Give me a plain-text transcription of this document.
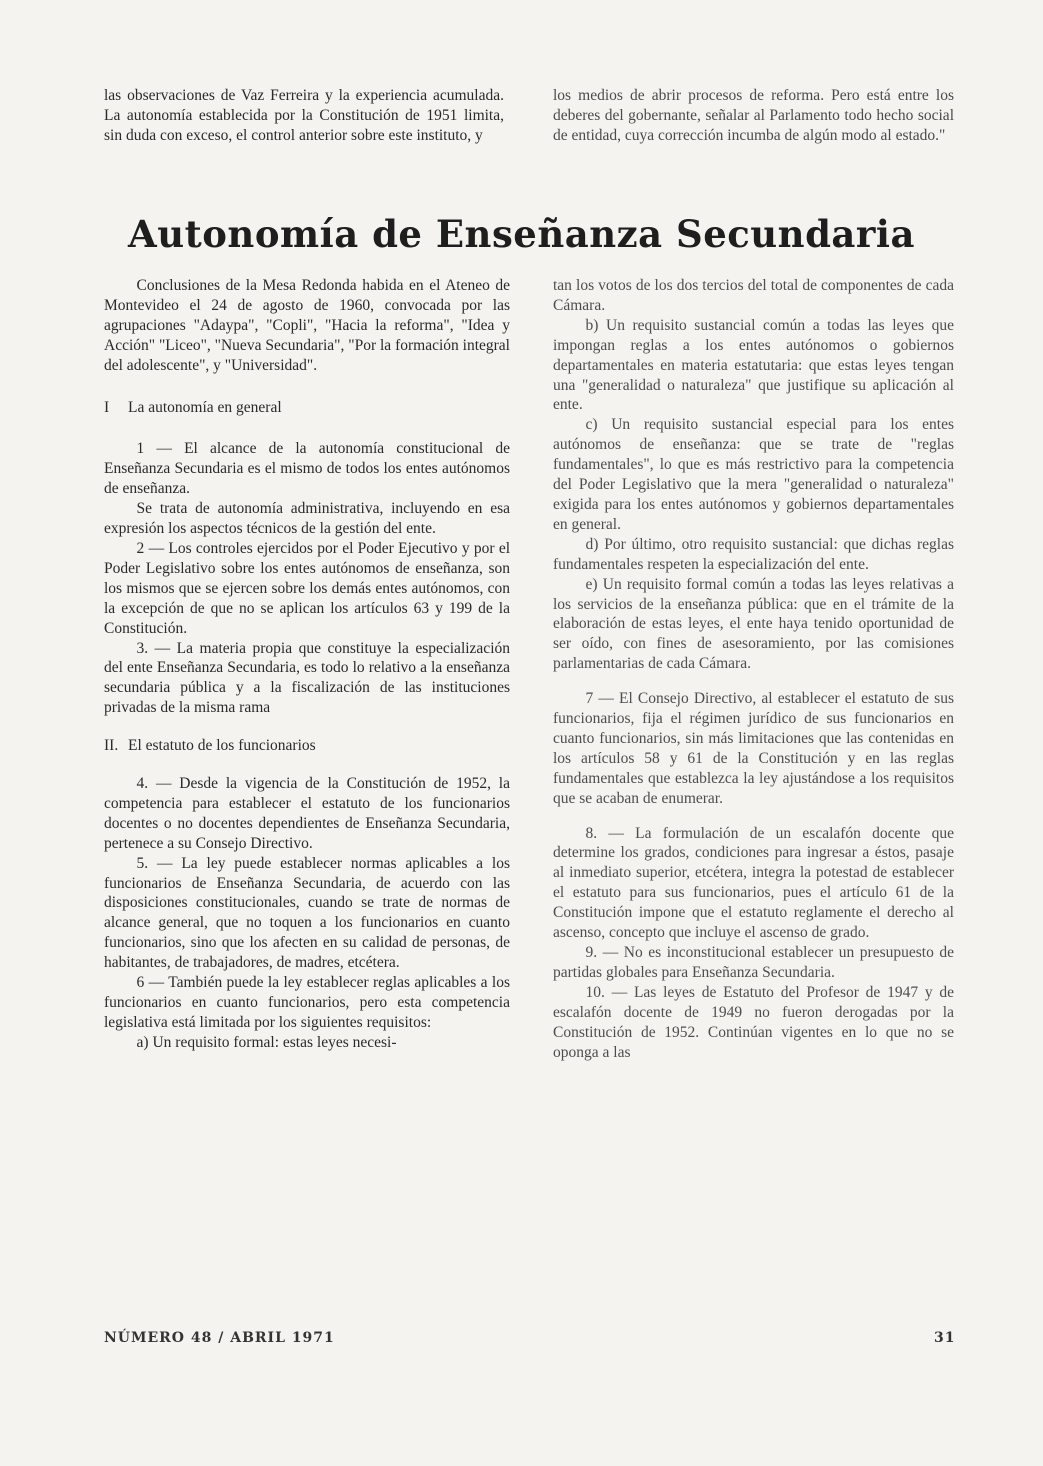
las observaciones de Vaz Ferreira y la experiencia acumulada. La autonomía establecida por la Constitución de 1951 limita, sin duda con exceso, el control anterior sobre este instituto, y

los medios de abrir procesos de reforma. Pero está entre los deberes del gobernante, señalar al Parlamento todo hecho social de entidad, cuya corrección incumba de algún modo al estado."

Autonomía de Enseñanza Secundaria

Conclusiones de la Mesa Redonda habida en el Ateneo de Montevideo el 24 de agosto de 1960, convocada por las agrupaciones "Adaypa", "Copli", "Hacia la reforma", "Idea y Acción" "Liceo", "Nueva Secundaria", "Por la formación integral del adolescente", y "Universidad".

I La autonomía en general

1 — El alcance de la autonomía constitucional de Enseñanza Secundaria es el mismo de todos los entes autónomos de enseñanza.

Se trata de autonomía administrativa, incluyendo en esa expresión los aspectos técnicos de la gestión del ente.

2 — Los controles ejercidos por el Poder Ejecutivo y por el Poder Legislativo sobre los entes autónomos de enseñanza, son los mismos que se ejercen sobre los demás entes autónomos, con la excepción de que no se aplican los artículos 63 y 199 de la Constitución.

3. — La materia propia que constituye la especialización del ente Enseñanza Secundaria, es todo lo relativo a la enseñanza secundaria pública y a la fiscalización de las instituciones privadas de la misma rama

II. El estatuto de los funcionarios

4. — Desde la vigencia de la Constitución de 1952, la competencia para establecer el estatuto de los funcionarios docentes o no docentes dependientes de Enseñanza Secundaria, pertenece a su Consejo Directivo.

5. — La ley puede establecer normas aplicables a los funcionarios de Enseñanza Secundaria, de acuerdo con las disposiciones constitucionales, cuando se trate de normas de alcance general, que no toquen a los funcionarios en cuanto funcionarios, sino que los afecten en su calidad de personas, de habitantes, de trabajadores, de madres, etcétera.

6 — También puede la ley establecer reglas aplicables a los funcionarios en cuanto funcionarios, pero esta competencia legislativa está limitada por los siguientes requisitos:

a) Un requisito formal: estas leyes necesi-

tan los votos de los dos tercios del total de componentes de cada Cámara.

b) Un requisito sustancial común a todas las leyes que impongan reglas a los entes autónomos o gobiernos departamentales en materia estatutaria: que estas leyes tengan una "generalidad o naturaleza" que justifique su aplicación al ente.

c) Un requisito sustancial especial para los entes autónomos de enseñanza: que se trate de "reglas fundamentales", lo que es más restrictivo para la competencia del Poder Legislativo que la mera "generalidad o naturaleza" exigida para los entes autónomos y gobiernos departamentales en general.

d) Por último, otro requisito sustancial: que dichas reglas fundamentales respeten la especialización del ente.

e) Un requisito formal común a todas las leyes relativas a los servicios de la enseñanza pública: que en el trámite de la elaboración de estas leyes, el ente haya tenido oportunidad de ser oído, con fines de asesoramiento, por las comisiones parlamentarias de cada Cámara.

7 — El Consejo Directivo, al establecer el estatuto de sus funcionarios, fija el régimen jurídico de sus funcionarios en cuanto funcionarios, sin más limitaciones que las contenidas en los artículos 58 y 61 de la Constitución y en las reglas fundamentales que establezca la ley ajustándose a los requisitos que se acaban de enumerar.

8. — La formulación de un escalafón docente que determine los grados, condiciones para ingresar a éstos, pasaje al inmediato superior, etcétera, integra la potestad de establecer el estatuto para sus funcionarios, pues el artículo 61 de la Constitución impone que el estatuto reglamente el derecho al ascenso, concepto que incluye el ascenso de grado.

9. — No es inconstitucional establecer un presupuesto de partidas globales para Enseñanza Secundaria.

10. — Las leyes de Estatuto del Profesor de 1947 y de escalafón docente de 1949 no fueron derogadas por la Constitución de 1952. Continúan vigentes en lo que no se oponga a las

NÚMERO 48 / ABRIL 1971	31
